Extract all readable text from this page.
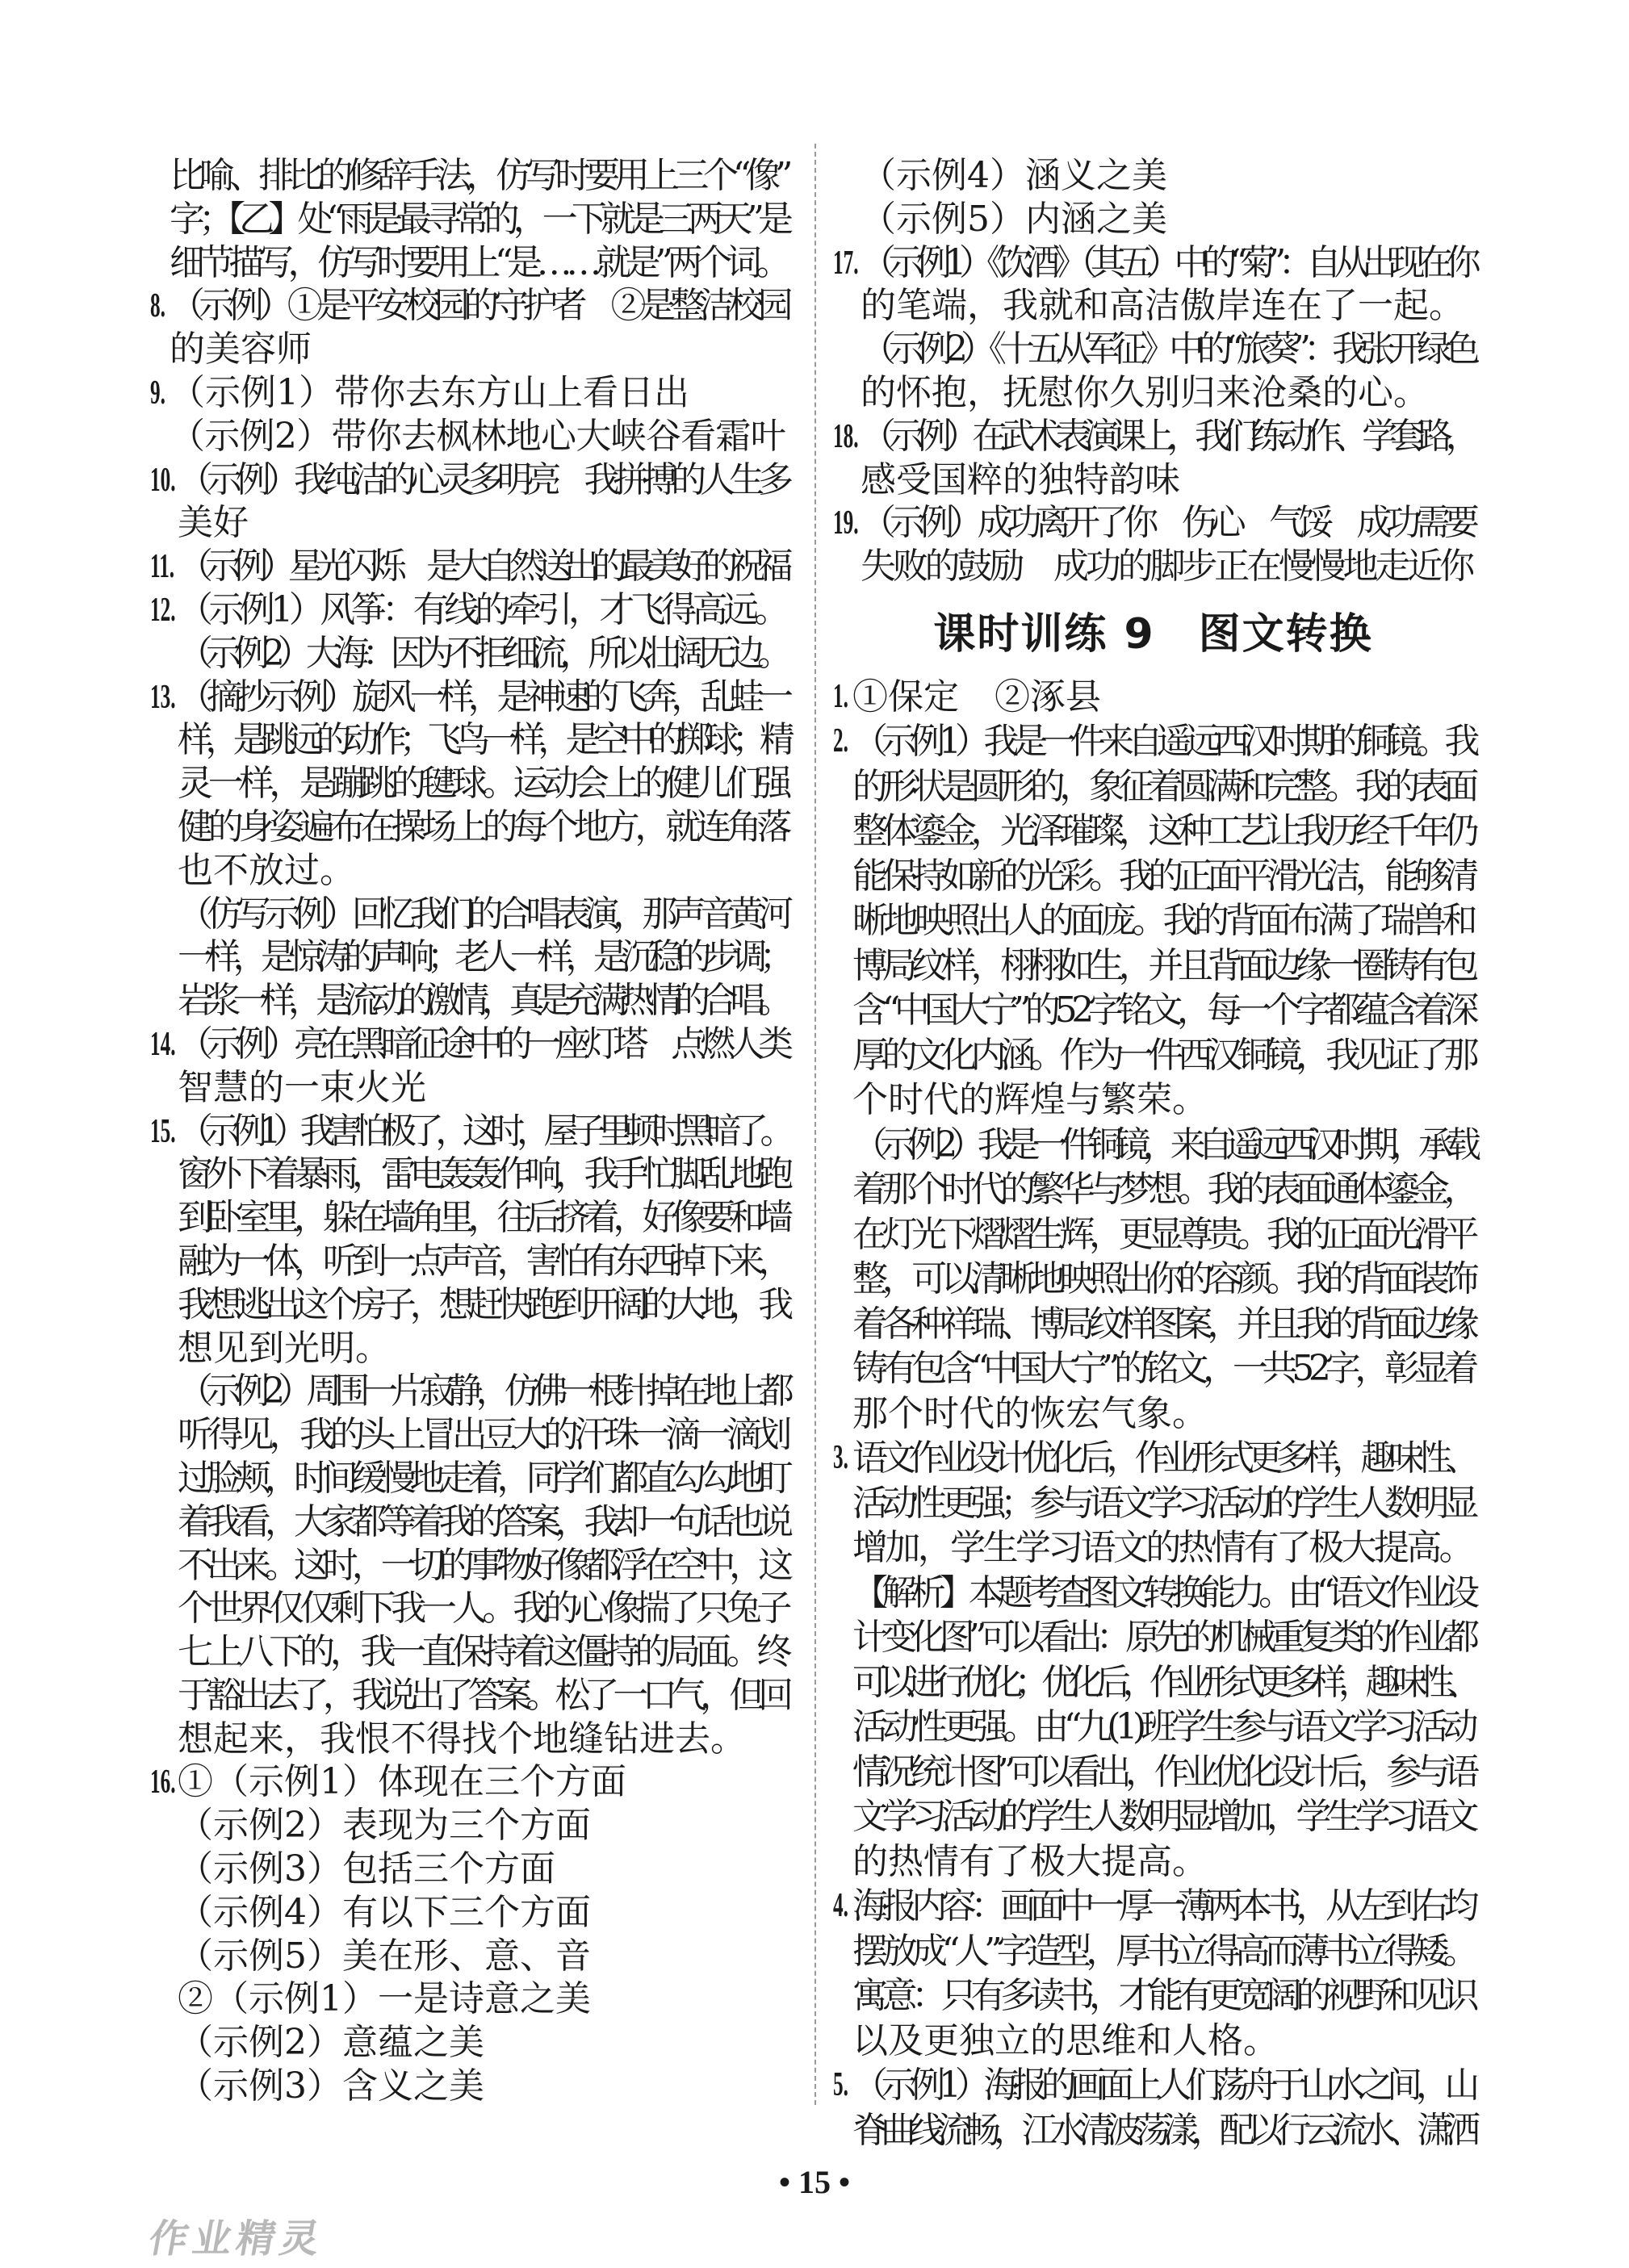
比喻、排比的修辞手法，仿写时要用上三个“像”
字；【乙】处“雨是最寻常的，一下就是三两天”是
细节描写，仿写时要用上“是……就是”两个词。
8. （示例）①是平安校园的守护者　②是整洁校园
的美容师
9. （示例1）带你去东方山上看日出
（示例2）带你去枫林地心大峡谷看霜叶
10. （示例）我纯洁的心灵多明亮　我拼搏的人生多
美好
11. （示例）星光闪烁　是大自然送出的最美好的祝福
12. （示例1）风筝：有线的牵引，才飞得高远。
（示例2）大海：因为不拒细流，所以壮阔无边。
13. （摘抄示例）旋风一样，是神速的飞奔，乱蛙一
样，是跳远的动作；飞鸟一样，是空中的掷球；精
灵一样，是蹦跳的毽球。运动会上的健儿们强
健的身姿遍布在操场上的每个地方，就连角落
也不放过。
（仿写示例）回忆我们的合唱表演，那声音黄河
一样，是惊涛的声响；老人一样，是沉稳的步调；
岩浆一样，是流动的激情，真是充满热情的合唱。
14. （示例）亮在黑暗征途中的一座灯塔　点燃人类
智慧的一束火光
15. （示例1）我害怕极了，这时，屋子里顿时黑暗了。
窗外下着暴雨，雷电轰轰作响，我手忙脚乱地跑
到卧室里，躲在墙角里，往后挤着，好像要和墙
融为一体，听到一点声音，害怕有东西掉下来，
我想逃出这个房子，想赶快跑到开阔的大地，我
想见到光明。
（示例2）周围一片寂静，仿佛一根针掉在地上都
听得见，我的头上冒出豆大的汗珠一滴一滴划
过脸颊，时间缓慢地走着，同学们都直勾勾地盯
着我看，大家都等着我的答案，我却一句话也说
不出来。这时，一切的事物好像都浮在空中，这
个世界仅仅剩下我一人。我的心像揣了只兔子
七上八下的，我一直保持着这僵持的局面。终
于豁出去了，我说出了答案。松了一口气，但回
想起来，我恨不得找个地缝钻进去。
16. ①（示例1）体现在三个方面
（示例2）表现为三个方面
（示例3）包括三个方面
（示例4）有以下三个方面
（示例5）美在形、意、音
②（示例1）一是诗意之美
（示例2）意蕴之美
（示例3）含义之美
（示例4）涵义之美
（示例5）内涵之美
17. （示例1）《饮酒》（其五）中的“菊”：自从出现在你
的笔端，我就和高洁傲岸连在了一起。
（示例2）《十五从军征》中的“旅葵”：我张开绿色
的怀抱，抚慰你久别归来沧桑的心。
18. （示例）在武术表演课上，我们练动作、学套路，
感受国粹的独特韵味
19. （示例）成功离开了你　伤心　气馁　成功需要
失败的鼓励　成功的脚步正在慢慢地走近你
课时训练 9　图文转换
1. ①保定　②涿县
2. （示例1）我是一件来自遥远西汉时期的铜镜。我
的形状是圆形的，象征着圆满和完整。我的表面
整体鎏金，光泽璀璨，这种工艺让我历经千年仍
能保持如新的光彩。我的正面平滑光洁，能够清
晰地映照出人的面庞。我的背面布满了瑞兽和
博局纹样，栩栩如生，并且背面边缘一圈铸有包
含“中国大宁”的52字铭文，每一个字都蕴含着深
厚的文化内涵。作为一件西汉铜镜，我见证了那
个时代的辉煌与繁荣。
（示例2）我是一件铜镜，来自遥远西汉时期，承载
着那个时代的繁华与梦想。我的表面通体鎏金，
在灯光下熠熠生辉，更显尊贵。我的正面光滑平
整，可以清晰地映照出你的容颜。我的背面装饰
着各种祥瑞、博局纹样图案，并且我的背面边缘
铸有包含“中国大宁”的铭文，一共52字，彰显着
那个时代的恢宏气象。
3. 语文作业设计优化后，作业形式更多样，趣味性、
活动性更强；参与语文学习活动的学生人数明显
增加，学生学习语文的热情有了极大提高。
【解析】本题考查图文转换能力。由“语文作业设
计变化图”可以看出：原先的机械重复类的作业都
可以进行优化；优化后，作业形式更多样，趣味性、
活动性更强。由“九(1)班学生参与语文学习活动
情况统计图”可以看出，作业优化设计后，参与语
文学习活动的学生人数明显增加，学生学习语文
的热情有了极大提高。
4. 海报内容：画面中一厚一薄两本书，从左到右均
摆放成“人”字造型，厚书立得高而薄书立得矮。
寓意：只有多读书，才能有更宽阔的视野和见识
以及更独立的思维和人格。
5. （示例1）海报的画面上人们荡舟于山水之间，山
脊曲线流畅，江水清波荡漾，配以行云流水、潇洒
• 15 •
作业精灵
